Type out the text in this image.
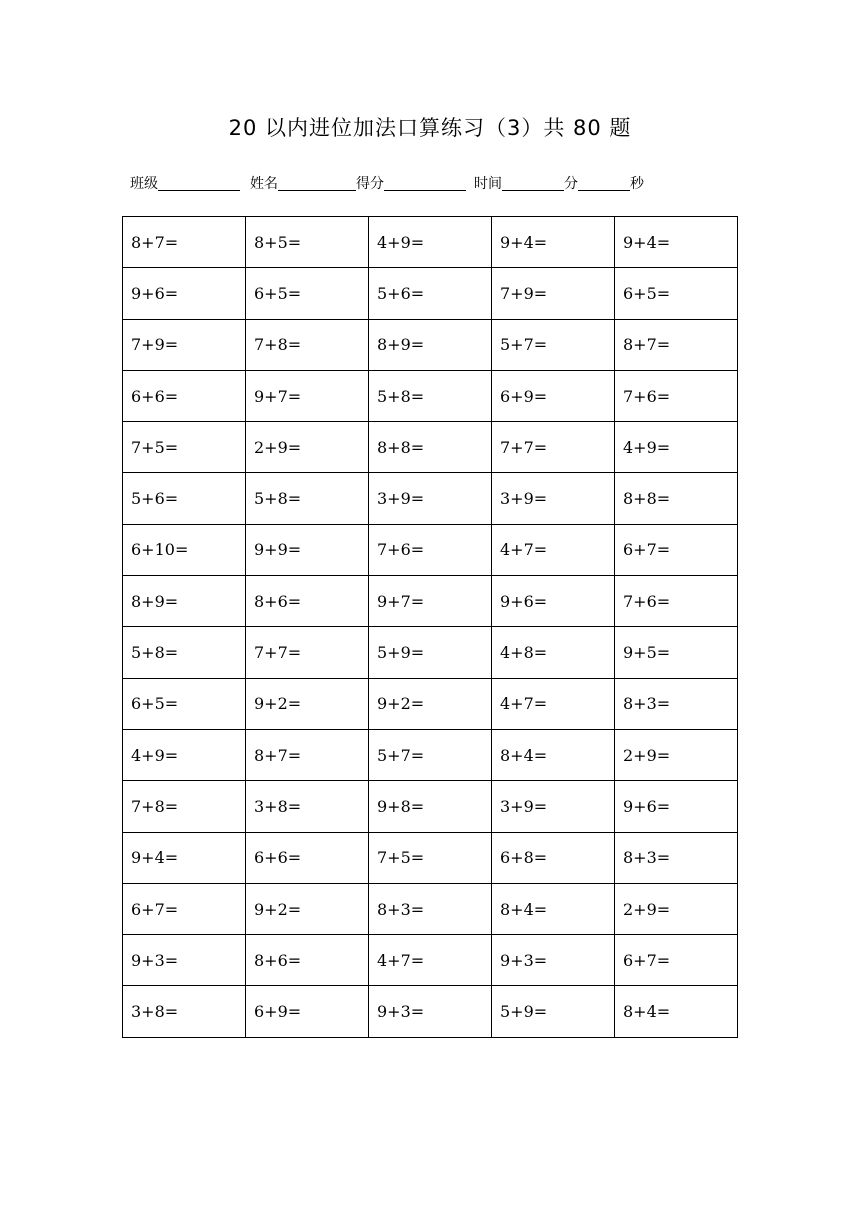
20 以内进位加法口算练习（3）共 80 题
班级	姓名	得分	时间	分	秒
8+7=	8+5=	4+9=	9+4=	9+4=
9+6=	6+5=	5+6=	7+9=	6+5=
7+9=	7+8=	8+9=	5+7=	8+7=
6+6=	9+7=	5+8=	6+9=	7+6=
7+5=	2+9=	8+8=	7+7=	4+9=
5+6=	5+8=	3+9=	3+9=	8+8=
6+10=	9+9=	7+6=	4+7=	6+7=
8+9=	8+6=	9+7=	9+6=	7+6=
5+8=	7+7=	5+9=	4+8=	9+5=
6+5=	9+2=	9+2=	4+7=	8+3=
4+9=	8+7=	5+7=	8+4=	2+9=
7+8=	3+8=	9+8=	3+9=	9+6=
9+4=	6+6=	7+5=	6+8=	8+3=
6+7=	9+2=	8+3=	8+4=	2+9=
9+3=	8+6=	4+7=	9+3=	6+7=
3+8=	6+9=	9+3=	5+9=	8+4=
